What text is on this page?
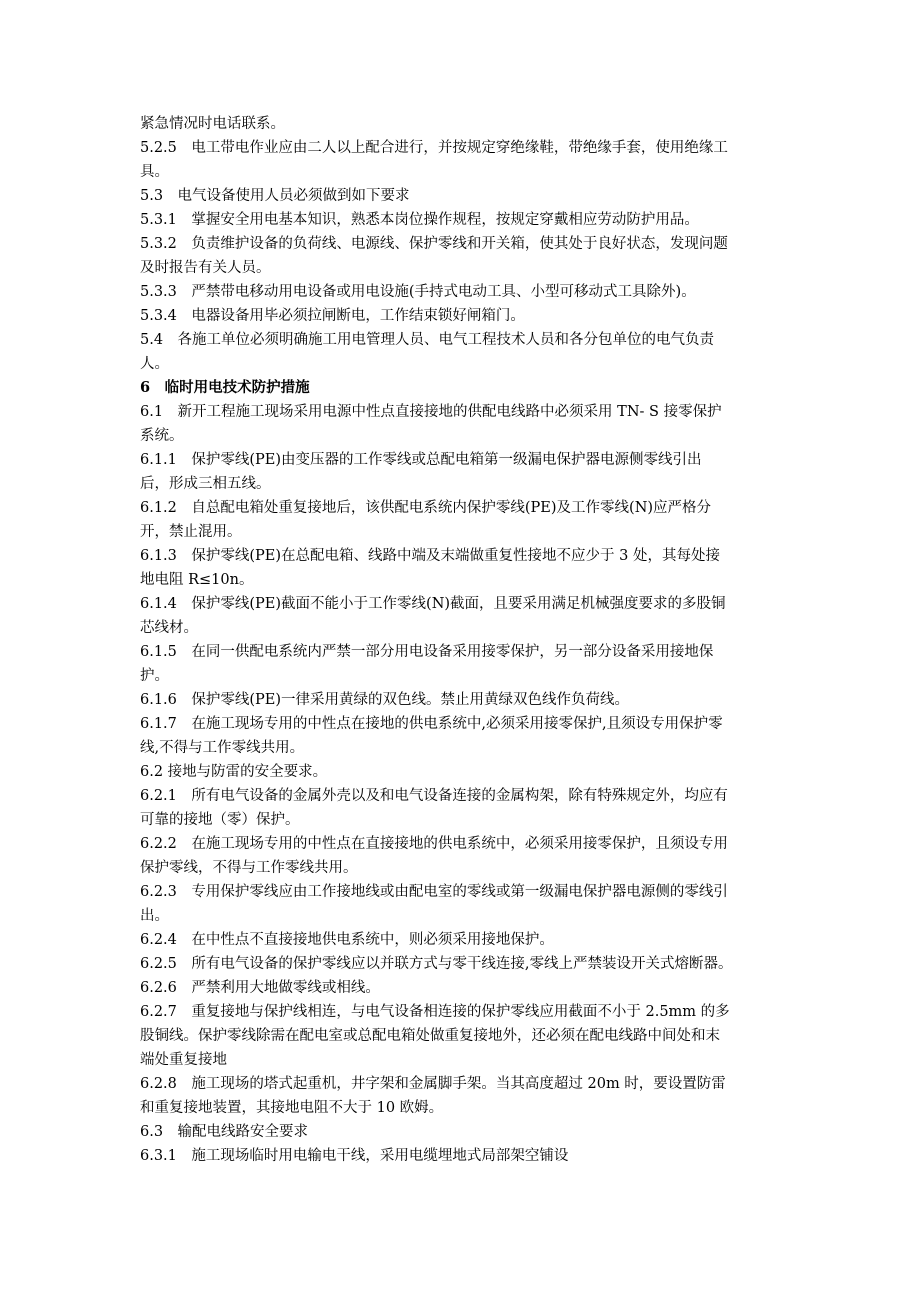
紧急情况时电话联系。

5.2.5　电工带电作业应由二人以上配合进行，并按规定穿绝缘鞋，带绝缘手套，使用绝缘工

具。

5.3　电气设备使用人员必须做到如下要求

5.3.1　掌握安全用电基本知识，熟悉本岗位操作规程，按规定穿戴相应劳动防护用品。

5.3.2　负责维护设备的负荷线、电源线、保护零线和开关箱，使其处于良好状态，发现问题

及时报告有关人员。

5.3.3　严禁带电移动用电设备或用电设施(手持式电动工具、小型可移动式工具除外)。

5.3.4　电器设备用毕必须拉闸断电，工作结束锁好闸箱门。

5.4　各施工单位必须明确施工用电管理人员、电气工程技术人员和各分包单位的电气负责

人。

6　临时用电技术防护措施

6.1　新开工程施工现场采用电源中性点直接接地的供配电线路中必须采用 TN- S 接零保护

系统。

6.1.1　保护零线(PE)由变压器的工作零线或总配电箱第一级漏电保护器电源侧零线引出

后，形成三相五线。

6.1.2　自总配电箱处重复接地后，该供配电系统内保护零线(PE)及工作零线(N)应严格分

开，禁止混用。

6.1.3　保护零线(PE)在总配电箱、线路中端及末端做重复性接地不应少于 3 处，其每处接

地电阻 R≤10n。

6.1.4　保护零线(PE)截面不能小于工作零线(N)截面，且要采用满足机械强度要求的多股铜

芯线材。

6.1.5　在同一供配电系统内严禁一部分用电设备采用接零保护，另一部分设备采用接地保

护。

6.1.6　保护零线(PE)一律采用黄绿的双色线。禁止用黄绿双色线作负荷线。

6.1.7　在施工现场专用的中性点在接地的供电系统中,必须采用接零保护,且须设专用保护零

线,不得与工作零线共用。

6.2 接地与防雷的安全要求。

6.2.1　所有电气设备的金属外壳以及和电气设备连接的金属构架，除有特殊规定外，均应有

可靠的接地（零）保护。

6.2.2　在施工现场专用的中性点在直接接地的供电系统中，必须采用接零保护，且须设专用

保护零线，不得与工作零线共用。

6.2.3　专用保护零线应由工作接地线或由配电室的零线或第一级漏电保护器电源侧的零线引

出。

6.2.4　在中性点不直接接地供电系统中，则必须采用接地保护。

6.2.5　所有电气设备的保护零线应以并联方式与零干线连接,零线上严禁装设开关式熔断器。

6.2.6　严禁利用大地做零线或相线。

6.2.7　重复接地与保护线相连，与电气设备相连接的保护零线应用截面不小于 2.5mm 的多

股铜线。保护零线除需在配电室或总配电箱处做重复接地外，还必须在配电线路中间处和末

端处重复接地

6.2.8　施工现场的塔式起重机，井字架和金属脚手架。当其高度超过 20m 时，要设置防雷

和重复接地装置，其接地电阻不大于 10 欧姆。

6.3　输配电线路安全要求

6.3.1　施工现场临时用电输电干线，采用电缆埋地式局部架空铺设
